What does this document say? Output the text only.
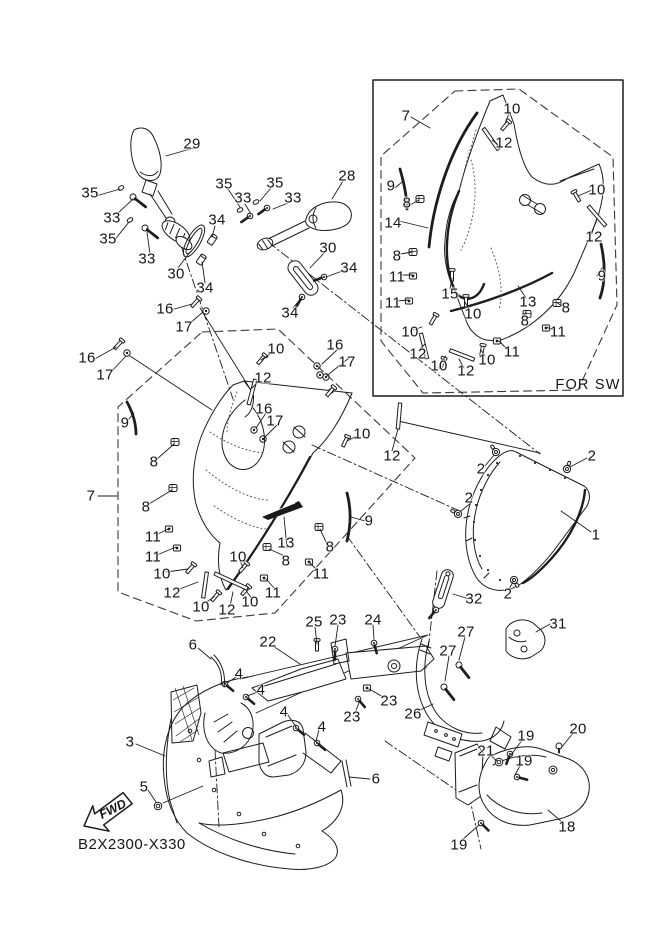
FWD
FOR SW
B2X2300-X330
29
35
33
35
33
30
34
34
35
33
35
33
28
30
34
34
16
17
16
17
10
12
16
17
16
17
9
8
7
8
11
11
10
12
10
10 12 10
13
8
11
11
9
8
10
12
2
2
2
2
1
32
31
27
27
26
22
25 23 24
23
23
6
4
4
4
4
3
5	6
19 20
21
19
18
19
7	10
12
9
8
14
10
12
8
11
11
9
13 8
8
11
15
10
12
10
10 12
10 11
